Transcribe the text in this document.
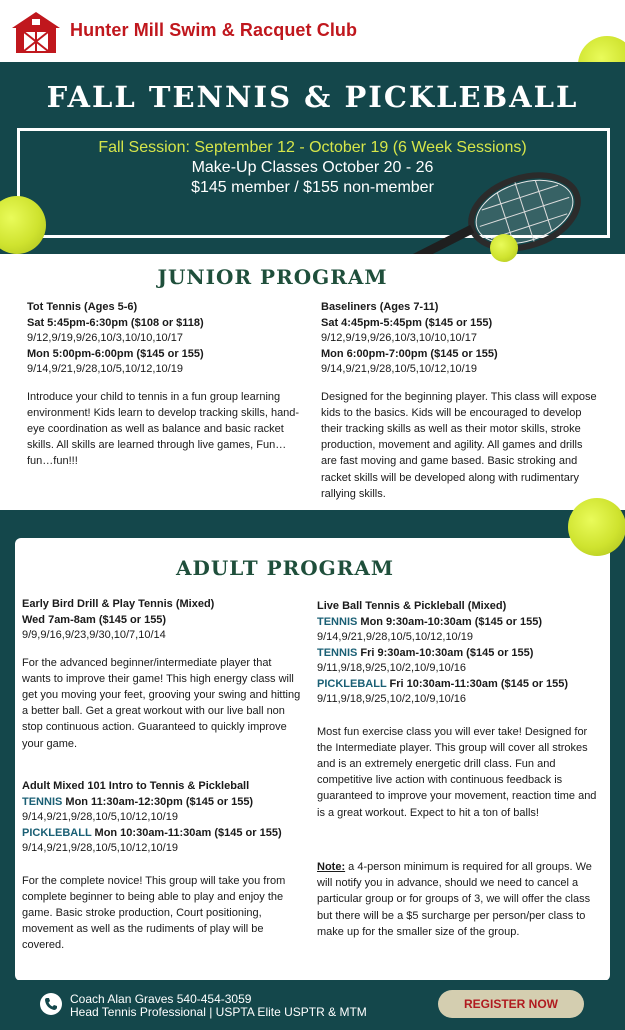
Hunter Mill Swim & Racquet Club
FALL TENNIS & PICKLEBALL
Fall Session: September 12 - October 19 (6 Week Sessions)
Make-Up Classes October 20 - 26
$145 member / $155 non-member
JUNIOR PROGRAM
Tot Tennis (Ages 5-6)
Sat 5:45pm-6:30pm ($108 or $118)
9/12,9/19,9/26,10/3,10/10,10/17
Mon 5:00pm-6:00pm ($145 or 155)
9/14,9/21,9/28,10/5,10/12,10/19
Introduce your child to tennis in a fun group learning environment! Kids learn to develop tracking skills, hand-eye coordination as well as balance and basic racket skills. All skills are learned through live games, Fun…fun…fun!!!
Baseliners (Ages 7-11)
Sat 4:45pm-5:45pm ($145 or 155)
9/12,9/19,9/26,10/3,10/10,10/17
Mon 6:00pm-7:00pm ($145 or 155)
9/14,9/21,9/28,10/5,10/12,10/19
Designed for the beginning player. This class will expose kids to the basics. Kids will be encouraged to develop their tracking skills as well as their motor skills, stroke production, movement and agility. All games and drills are fast moving and game based. Basic stroking and racket skills will be developed along with rudimentary rallying skills.
ADULT PROGRAM
Early Bird Drill & Play Tennis (Mixed)
Wed 7am-8am ($145 or 155)
9/9,9/16,9/23,9/30,10/7,10/14
For the advanced beginner/intermediate player that wants to improve their game! This high energy class will get you moving your feet, grooving your swing and hitting a better ball. Get a great workout with our live ball non stop continuous action. Guaranteed to quickly improve your game.
Adult Mixed 101 Intro to Tennis & Pickleball
TENNIS Mon 11:30am-12:30pm ($145 or 155)
9/14,9/21,9/28,10/5,10/12,10/19
PICKLEBALL Mon 10:30am-11:30am ($145 or 155)
9/14,9/21,9/28,10/5,10/12,10/19
For the complete novice! This group will take you from complete beginner to being able to play and enjoy the game. Basic stroke production, Court positioning, movement as well as the rudiments of play will be covered.
Live Ball Tennis & Pickleball (Mixed)
TENNIS Mon 9:30am-10:30am ($145 or 155)
9/14,9/21,9/28,10/5,10/12,10/19
TENNIS Fri 9:30am-10:30am ($145 or 155)
9/11,9/18,9/25,10/2,10/9,10/16
PICKLEBALL Fri 10:30am-11:30am ($145 or 155)
9/11,9/18,9/25,10/2,10/9,10/16
Most fun exercise class you will ever take! Designed for the Intermediate player. This group will cover all strokes and is an extremely energetic drill class. Fun and competitive live action with continuous feedback is guaranteed to improve your movement, reaction time and is a great workout. Expect to hit a ton of balls!
Note: a 4-person minimum is required for all groups. We will notify you in advance, should we need to cancel a particular group or for groups of 3, we will offer the class but there will be a $5 surcharge per person/per class to make up for the smaller size of the group.
Coach Alan Graves 540-454-3059
Head Tennis Professional | USPTA Elite USPTR & MTM
REGISTER NOW
